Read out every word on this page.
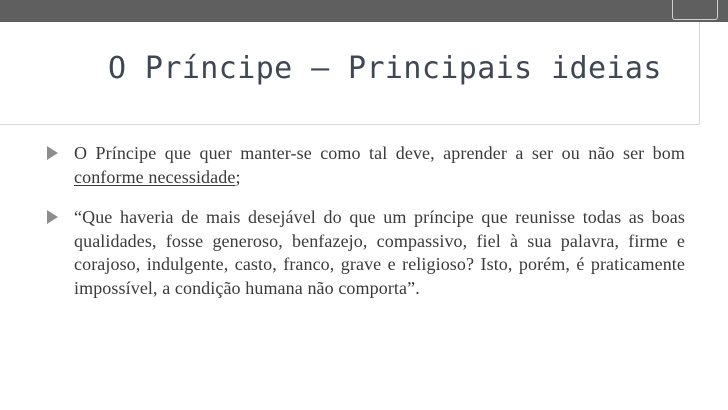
O Príncipe – Principais ideias
O Príncipe que quer manter-se como tal deve, aprender a ser ou não ser bom conforme necessidade;
“Que haveria de mais desejável do que um príncipe que reunisse todas as boas qualidades, fosse generoso, benfazejo, compassivo, fiel à sua palavra, firme e corajoso, indulgente, casto, franco, grave e religioso? Isto, porém, é praticamente impossível, a condição humana não comporta”.
